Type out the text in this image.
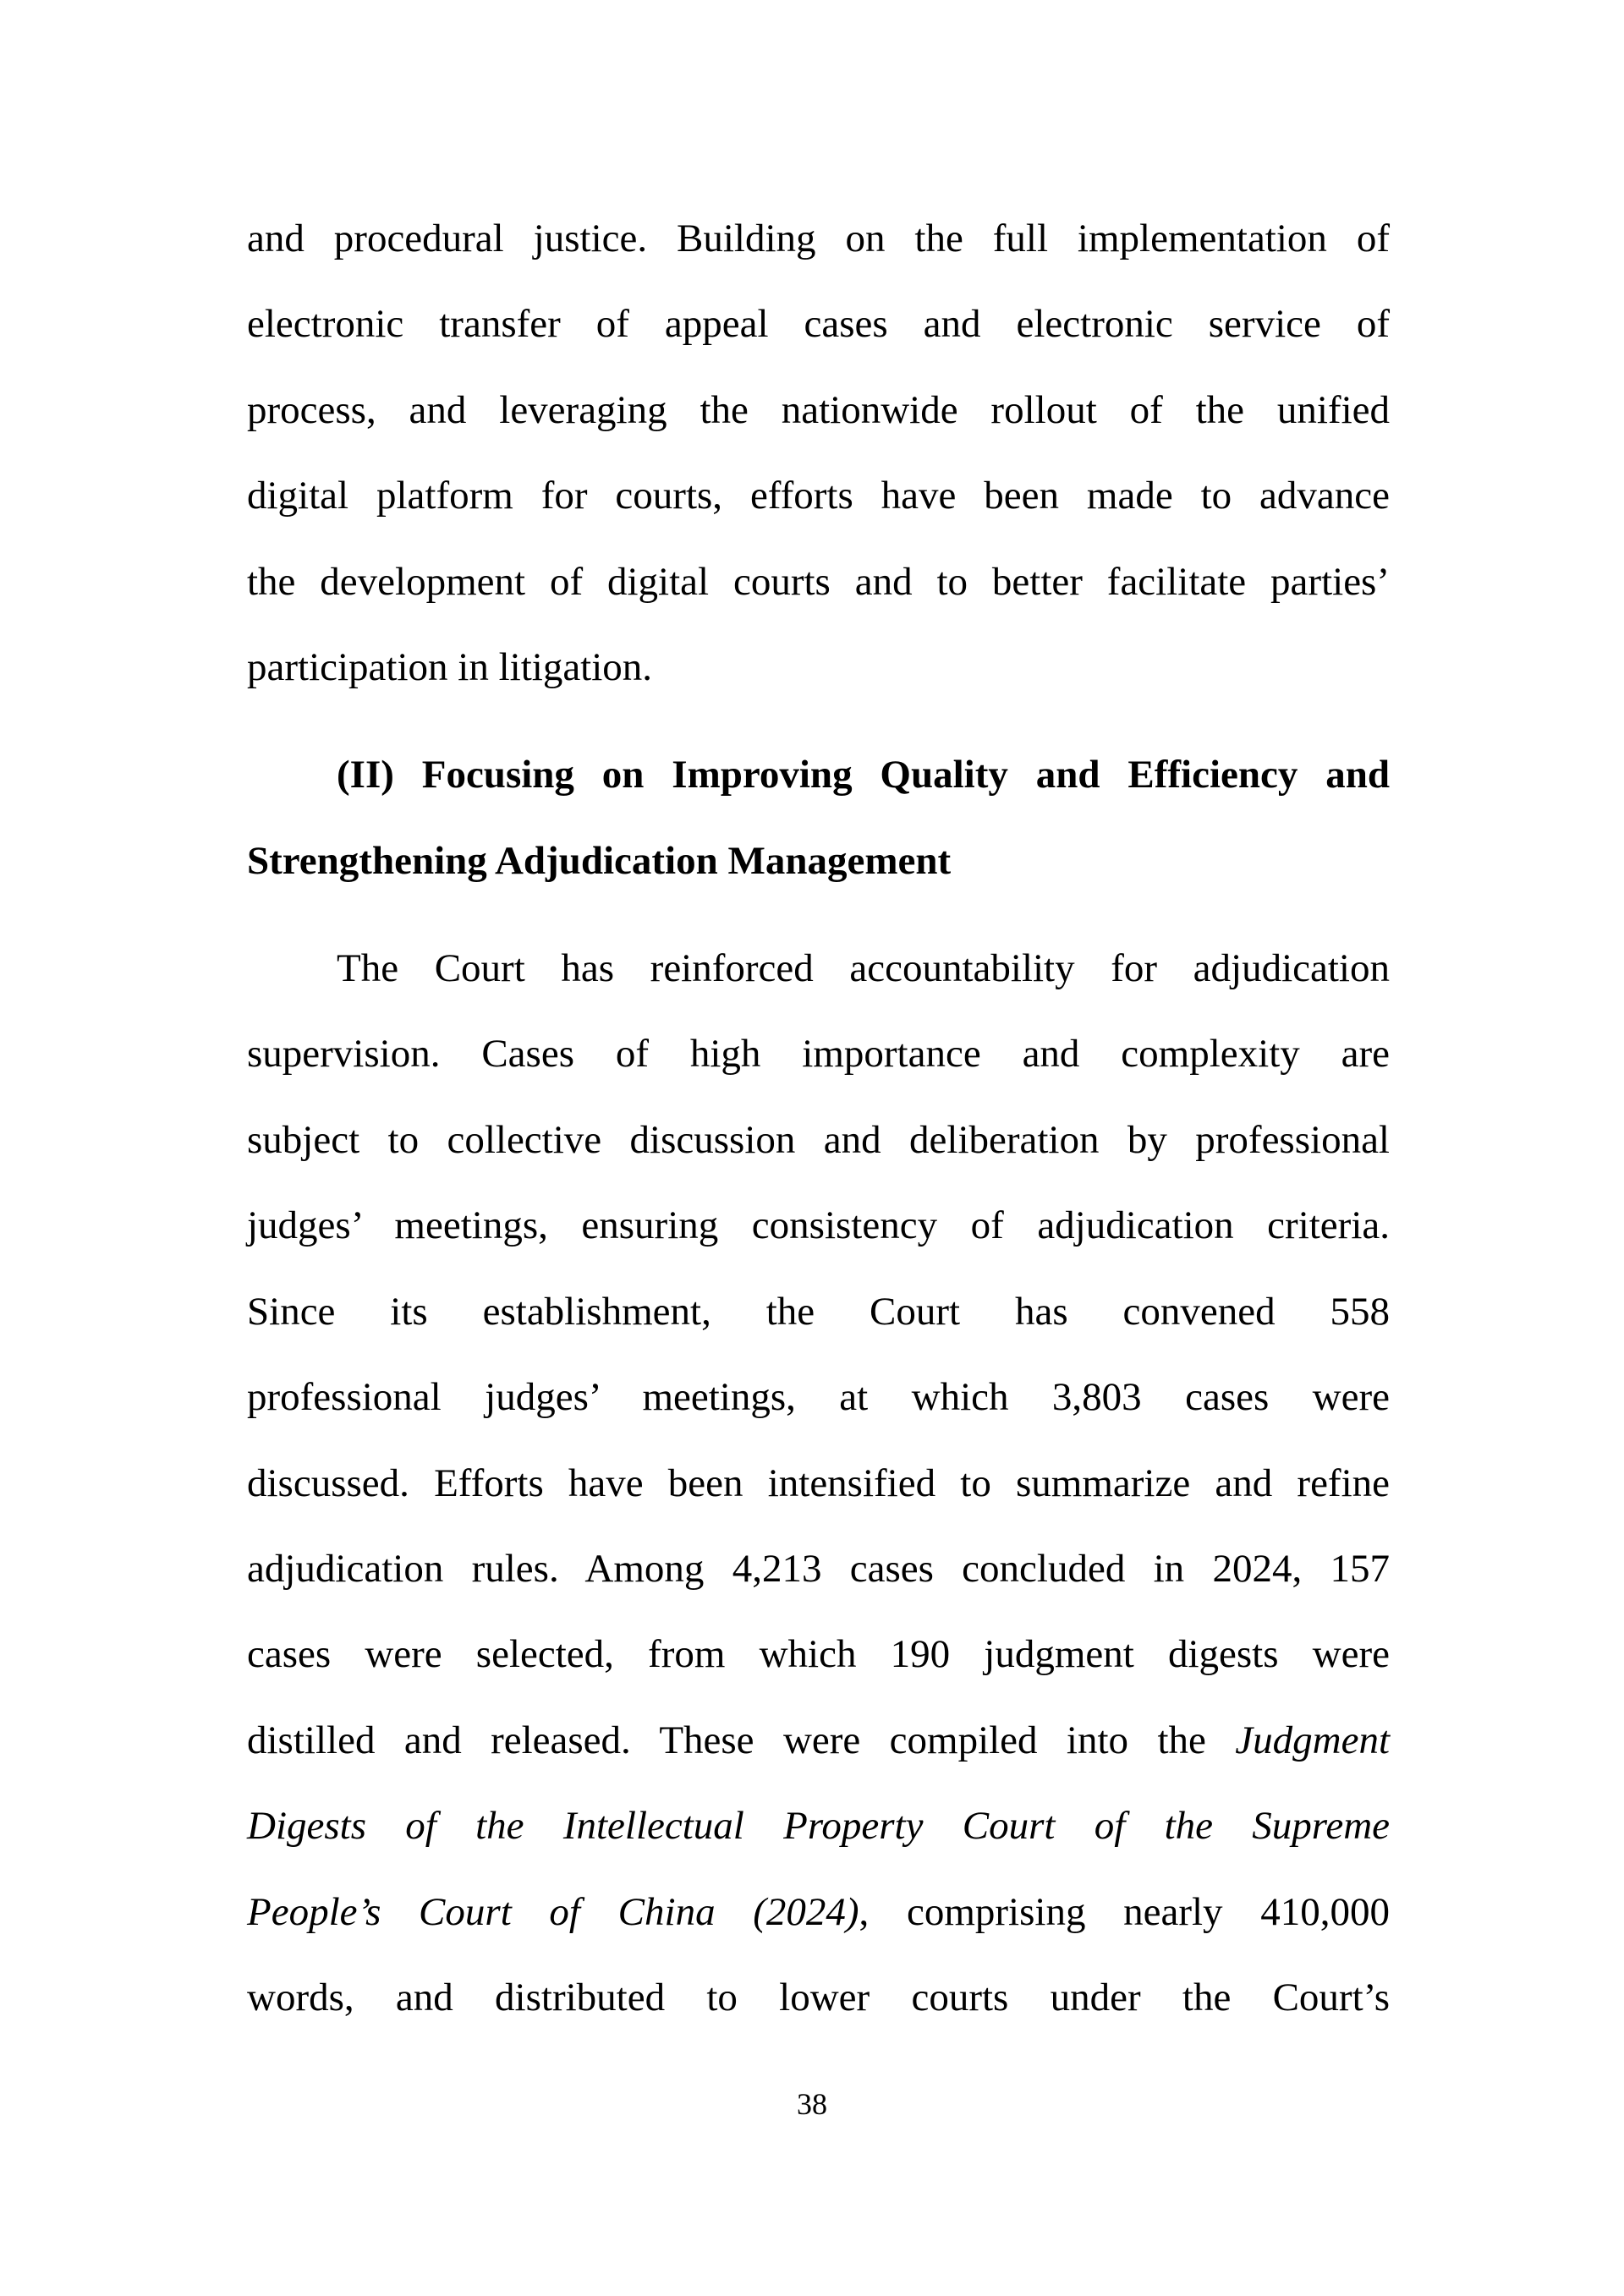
and procedural justice. Building on the full implementation of
electronic transfer of appeal cases and electronic service of
process, and leveraging the nationwide rollout of the unified
digital platform for courts, efforts have been made to advance
the development of digital courts and to better facilitate parties’
participation in litigation.
(II) Focusing on Improving Quality and Efficiency and
Strengthening Adjudication Management
The Court has reinforced accountability for adjudication
supervision. Cases of high importance and complexity are
subject to collective discussion and deliberation by professional
judges’ meetings, ensuring consistency of adjudication criteria.
Since its establishment, the Court has convened 558
professional judges’ meetings, at which 3,803 cases were
discussed. Efforts have been intensified to summarize and refine
adjudication rules. Among 4,213 cases concluded in 2024, 157
cases were selected, from which 190 judgment digests were
distilled and released. These were compiled into the Judgment
Digests of the Intellectual Property Court of the Supreme
People’s Court of China (2024), comprising nearly 410,000
words, and distributed to lower courts under the Court’s
38
